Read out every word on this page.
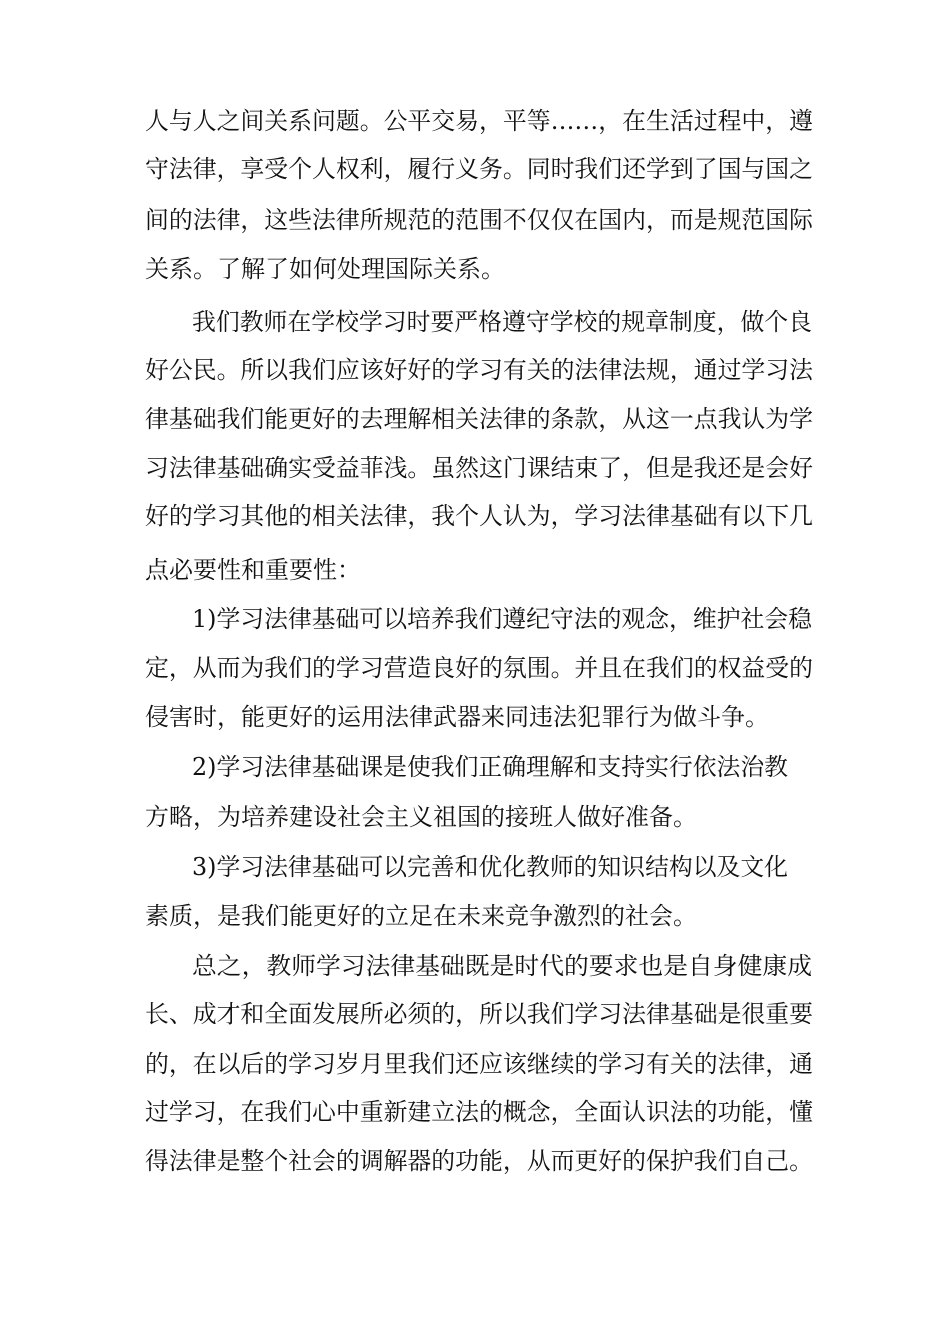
人与人之间关系问题。公平交易，平等……，在生活过程中，遵
守法律，享受个人权利，履行义务。同时我们还学到了国与国之
间的法律，这些法律所规范的范围不仅仅在国内，而是规范国际
关系。了解了如何处理国际关系。
我们教师在学校学习时要严格遵守学校的规章制度，做个良
好公民。所以我们应该好好的学习有关的法律法规，通过学习法
律基础我们能更好的去理解相关法律的条款，从这一点我认为学
习法律基础确实受益菲浅。虽然这门课结束了，但是我还是会好
好的学习其他的相关法律，我个人认为，学习法律基础有以下几
点必要性和重要性：
1)学习法律基础可以培养我们遵纪守法的观念，维护社会稳
定，从而为我们的学习营造良好的氛围。并且在我们的权益受的
侵害时，能更好的运用法律武器来同违法犯罪行为做斗争。
2)学习法律基础课是使我们正确理解和支持实行依法治教
方略，为培养建设社会主义祖国的接班人做好准备。
3)学习法律基础可以完善和优化教师的知识结构以及文化
素质，是我们能更好的立足在未来竞争激烈的社会。
总之，教师学习法律基础既是时代的要求也是自身健康成
长、成才和全面发展所必须的，所以我们学习法律基础是很重要
的，在以后的学习岁月里我们还应该继续的学习有关的法律，通
过学习，在我们心中重新建立法的概念，全面认识法的功能，懂
得法律是整个社会的调解器的功能，从而更好的保护我们自己。
